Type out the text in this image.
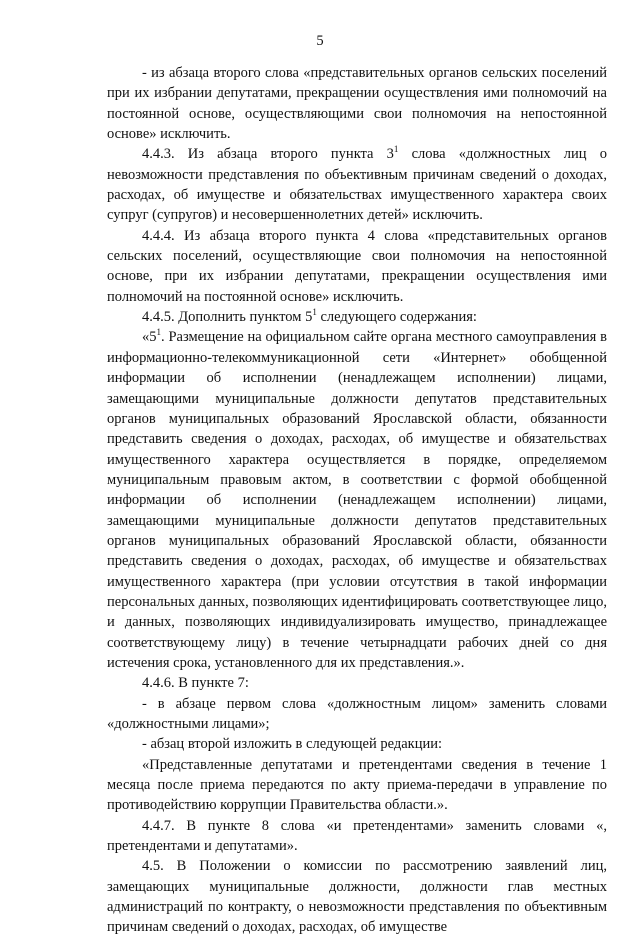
5

- из абзаца второго слова «представительных органов сельских поселений при их избрании депутатами, прекращении осуществления ими полномочий на постоянной основе, осуществляющими свои полномочия на непостоянной основе» исключить.

4.4.3. Из абзаца второго пункта $3^1$ слова «должностных лиц о невозможности представления по объективным причинам сведений о доходах, расходах, об имуществе и обязательствах имущественного характера своих супруг (супругов) и несовершеннолетних детей» исключить.

4.4.4. Из абзаца второго пункта 4 слова «представительных органов сельских поселений, осуществляющие свои полномочия на непостоянной основе, при их избрании депутатами, прекращении осуществления ими полномочий на постоянной основе» исключить.

4.4.5. Дополнить пунктом $5^1$ следующего содержания:

«$5^1$. Размещение на официальном сайте органа местного самоуправления в информационно-телекоммуникационной сети «Интернет» обобщенной информации об исполнении (ненадлежащем исполнении) лицами, замещающими муниципальные должности депутатов представительных органов муниципальных образований Ярославской области, обязанности представить сведения о доходах, расходах, об имуществе и обязательствах имущественного характера осуществляется в порядке, определяемом муниципальным правовым актом, в соответствии с формой обобщенной информации об исполнении (ненадлежащем исполнении) лицами, замещающими муниципальные должности депутатов представительных органов муниципальных образований Ярославской области, обязанности представить сведения о доходах, расходах, об имуществе и обязательствах имущественного характера (при условии отсутствия в такой информации персональных данных, позволяющих идентифицировать соответствующее лицо, и данных, позволяющих индивидуализировать имущество, принадлежащее соответствующему лицу) в течение четырнадцати рабочих дней со дня истечения срока, установленного для их представления.».

4.4.6. В пункте 7:

- в абзаце первом слова «должностным лицом» заменить словами «должностными лицами»;

- абзац второй изложить в следующей редакции:

«Представленные депутатами и претендентами сведения в течение 1 месяца после приема передаются по акту приема-передачи в управление по противодействию коррупции Правительства области.».

4.4.7. В пункте 8 слова «и претендентами» заменить словами «, претендентами и депутатами».

4.5. В Положении о комиссии по рассмотрению заявлений лиц, замещающих муниципальные должности, должности глав местных администраций по контракту, о невозможности представления по объективным причинам сведений о доходах, расходах, об имуществе
